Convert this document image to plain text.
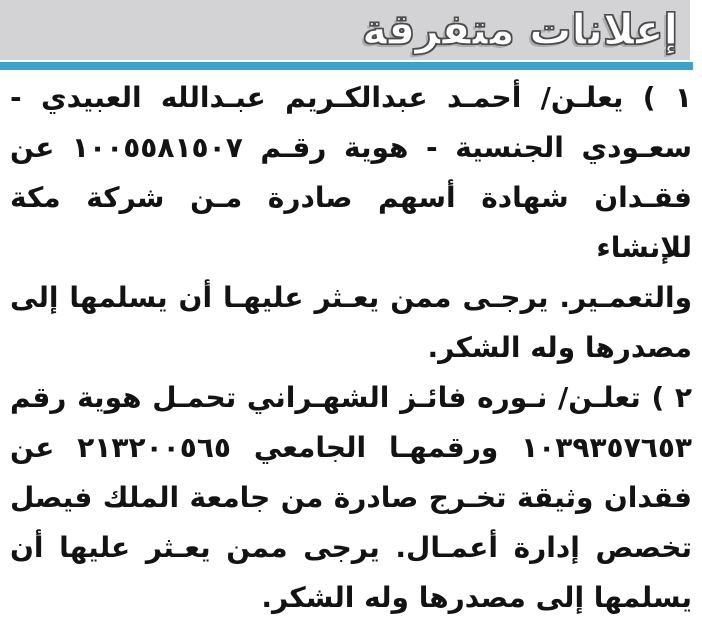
إعلانات متفرقة
١ ) يعلـن/ أحمـد عبدالكـريم عبـدالله العبيدي -
سعـودي الجنسية - هوية رقـم ١٠٠٥٥٨١٥٠٧ عن
فقـدان شهادة أسهم صادرة مـن شركة مكة للإنشاء
والتعمـير. يرجـى ممن يعـثر عليهـا أن يسلمها إلى
مصدرها وله الشكر.
٢ ) تعلـن/ نـوره فائـز الشهـراني تحمـل هوية رقم
١٠٣٩٣٥٧٦٥٣ ورقمهـا الجامعي ٢١٣٢٠٠٥٦٥ عن
فقدان وثيقة تخـرج صادرة من جامعة الملك فيصل
تخصص إدارة أعمـال. يرجى ممن يعـثر عليها أن
يسلمها إلى مصدرها وله الشكر.
